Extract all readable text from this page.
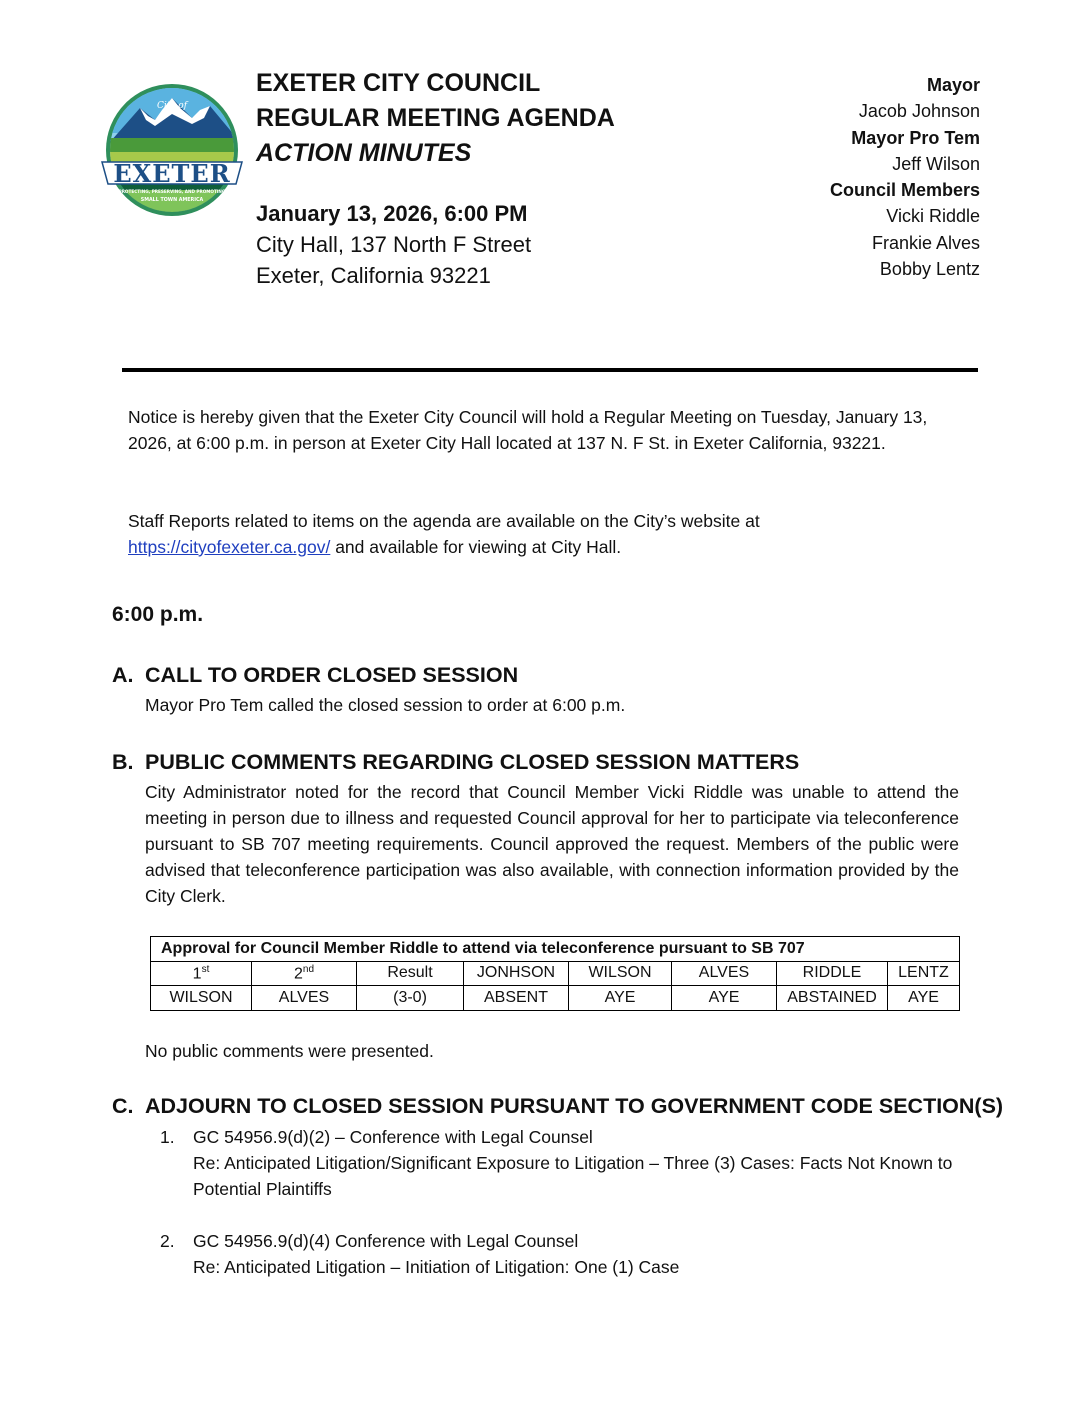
City of
EXETER
PROTECTING, PRESERVING, AND PROMOTING
SMALL TOWN AMERICA
EXETER CITY COUNCIL
REGULAR MEETING AGENDA
ACTION MINUTES
January 13, 2026, 6:00 PM
City Hall, 137 North F Street
Exeter, California 93221
Mayor
Jacob Johnson
Mayor Pro Tem
Jeff Wilson
Council Members
Vicki Riddle
Frankie Alves
Bobby Lentz
Notice is hereby given that the Exeter City Council will hold a Regular Meeting on Tuesday, January 13, 2026, at 6:00 p.m. in person at Exeter City Hall located at 137 N. F St. in Exeter California, 93221.
Staff Reports related to items on the agenda are available on the City’s website at
https://cityofexeter.ca.gov/ and available for viewing at City Hall.
6:00 p.m.
A. CALL TO ORDER CLOSED SESSION
Mayor Pro Tem called the closed session to order at 6:00 p.m.
B. PUBLIC COMMENTS REGARDING CLOSED SESSION MATTERS
City Administrator noted for the record that Council Member Vicki Riddle was unable to attend the meeting in person due to illness and requested Council approval for her to participate via teleconference pursuant to SB 707 meeting requirements. Council approved the request. Members of the public were advised that teleconference participation was also available, with connection information provided by the City Clerk.
Approval for Council Member Riddle to attend via teleconference pursuant to SB 707							
1st	2nd	Result	JONHSON	WILSON	ALVES	RIDDLE	LENTZ
WILSON	ALVES	(3-0)	ABSENT	AYE	AYE	ABSTAINED	AYE
No public comments were presented.
C. ADJOURN TO CLOSED SESSION PURSUANT TO GOVERNMENT CODE SECTION(S)
1. GC 54956.9(d)(2) – Conference with Legal Counsel
Re: Anticipated Litigation/Significant Exposure to Litigation – Three (3) Cases: Facts Not Known to Potential Plaintiffs
2. GC 54956.9(d)(4) Conference with Legal Counsel
Re: Anticipated Litigation – Initiation of Litigation: One (1) Case
